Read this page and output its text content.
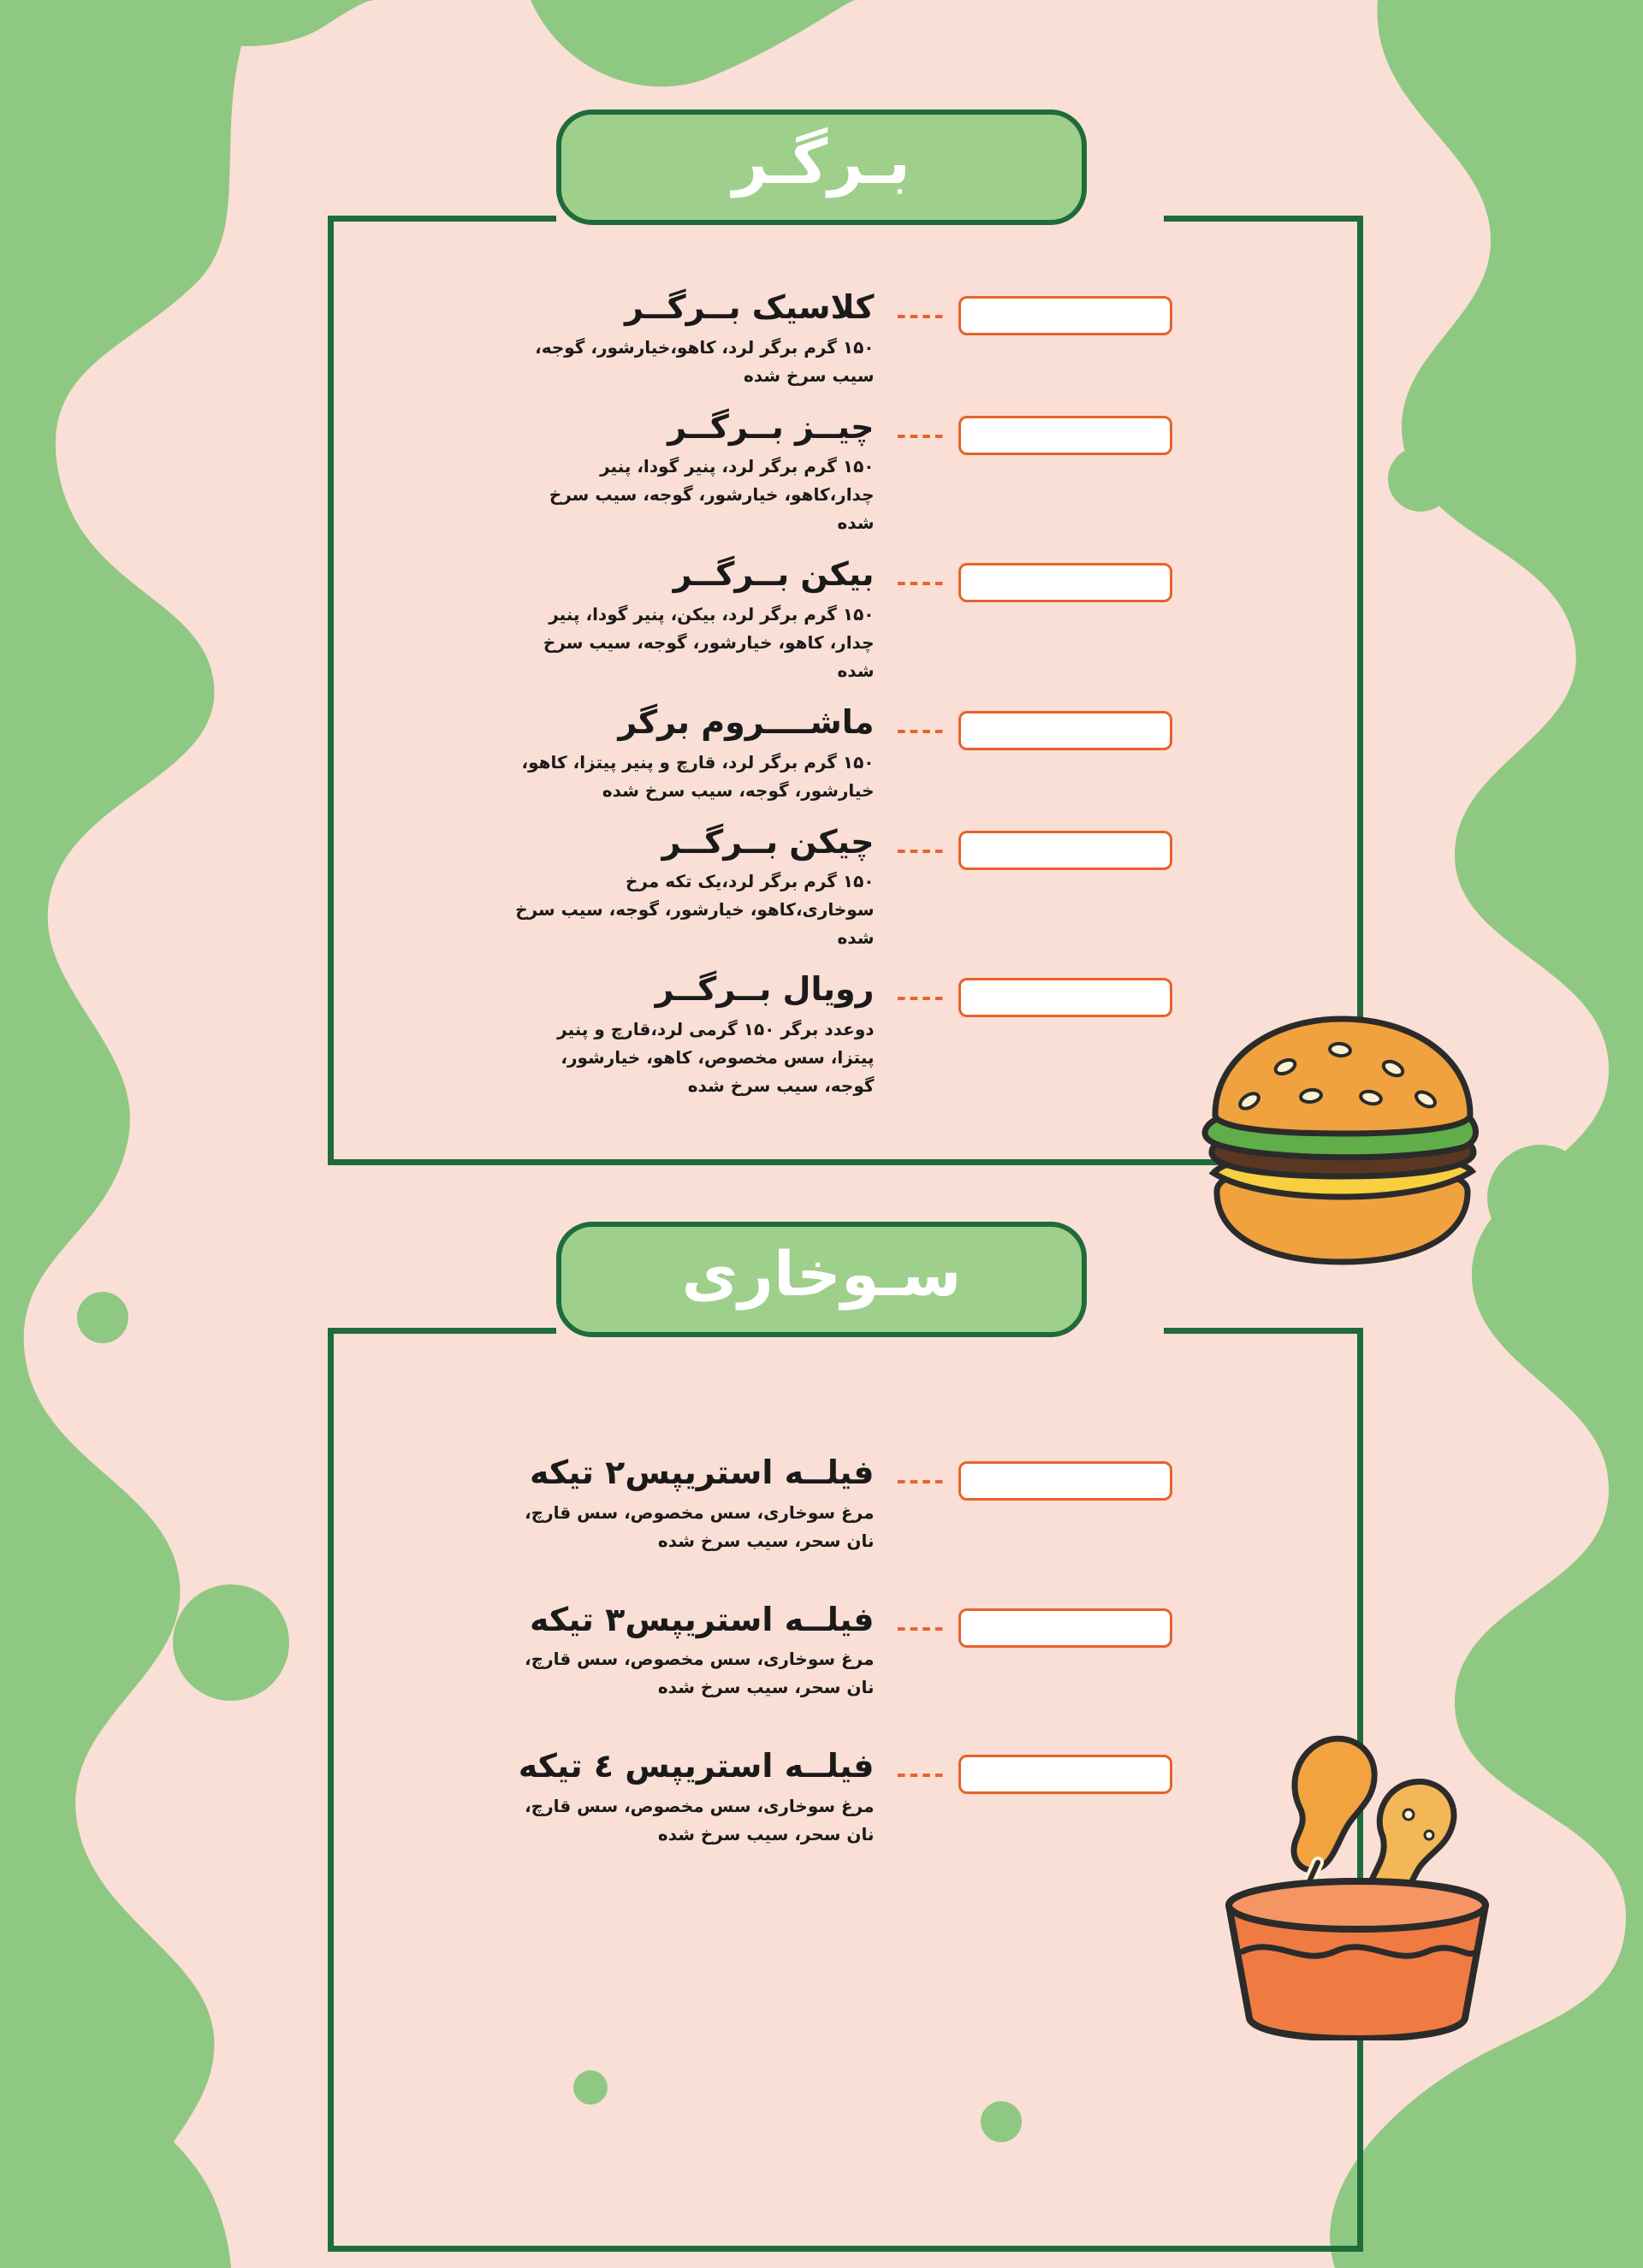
بـرگـر
----
کلاسیک بــرگــر
۱۵۰ گرم برگر لرد، کاهو،خیارشور، گوجه، سیب سرخ شده
----
چیــز بــرگــر
۱۵۰ گرم برگر لرد، پنیر گودا، پنیر چدار،کاهو، خیارشور، گوجه، سیب سرخ شده
----
بیکن بــرگــر
۱۵۰ گرم برگر لرد، بیکن، پنیر گودا، پنیر چدار، کاهو، خیارشور، گوجه، سیب سرخ شده
----
ماشــــروم برگر
۱۵۰ گرم برگر لرد، قارچ و پنیر پیتزا، کاهو، خیارشور، گوجه، سیب سرخ شده
----
چیکن بــرگــر
۱۵۰ گرم برگر لرد،یک تکه مرخ سوخاری،کاهو، خیارشور، گوجه، سیب سرخ شده
----
رویال بــرگــر
دوعدد برگر ۱۵۰ گرمی لرد،قارچ و پنیر پیتزا، سس مخصوص، کاهو، خیارشور، گوجه، سیب سرخ شده
سـوخاری
----
فیلــه استریپس۲ تیکه
مرغ سوخاری، سس مخصوص، سس قارچ، نان سحر، سیب سرخ شده
----
فیلــه استریپس۳ تیکه
مرغ سوخاری، سس مخصوص، سس قارچ، نان سحر، سیب سرخ شده
----
فیلــه استریپس ٤ تیکه
مرغ سوخاری، سس مخصوص، سس قارچ، نان سحر، سیب سرخ شده
